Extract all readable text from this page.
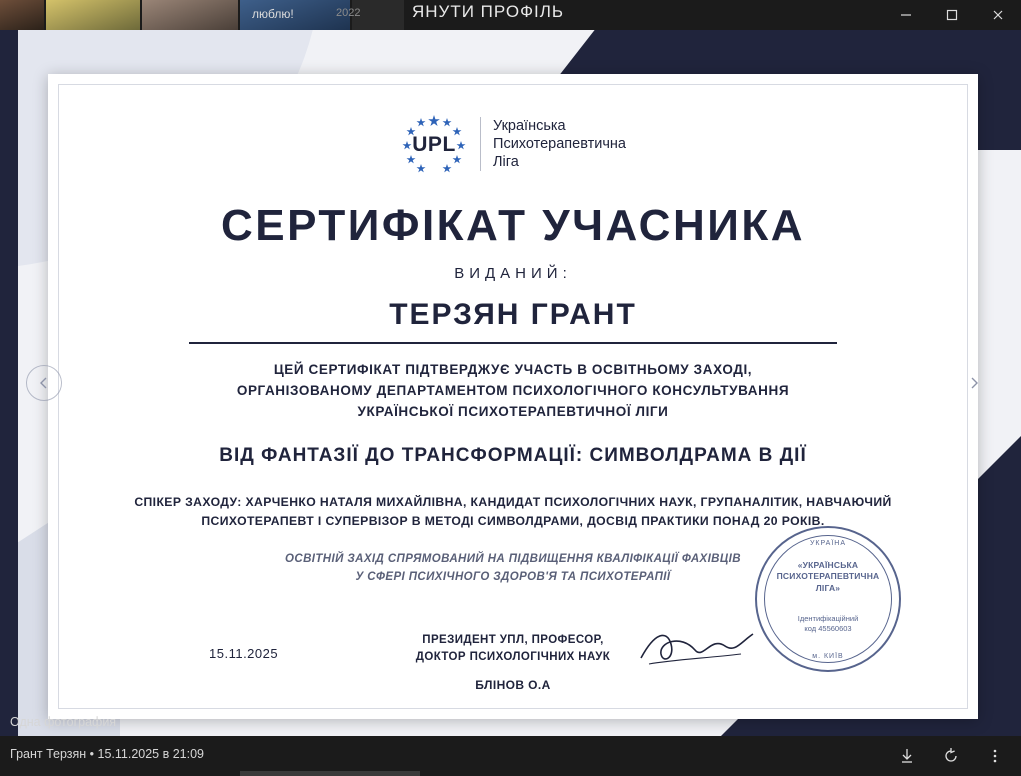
люблю!	2022	ЯНУТИ ПРОФІЛЬ
UPL
Українська
Психотерапевтична
Ліга
СЕРТИФІКАТ УЧАСНИКА
ВИДАНИЙ:
ТЕРЗЯН ГРАНТ
ЦЕЙ СЕРТИФІКАТ ПІДТВЕРДЖУЄ УЧАСТЬ В ОСВІТНЬОМУ ЗАХОДІ,
ОРГАНІЗОВАНОМУ ДЕПАРТАМЕНТОМ ПСИХОЛОГІЧНОГО КОНСУЛЬТУВАННЯ
УКРАЇНСЬКОЇ ПСИХОТЕРАПЕВТИЧНОЇ ЛІГИ
ВІД ФАНТАЗІЇ ДО ТРАНСФОРМАЦІЇ: СИМВОЛДРАМА В ДІЇ
СПІКЕР ЗАХОДУ: ХАРЧЕНКО НАТАЛЯ МИХАЙЛІВНА, КАНДИДАТ ПСИХОЛОГІЧНИХ НАУК, ГРУПАНАЛІТИК, НАВЧАЮЧИЙ
ПСИХОТЕРАПЕВТ І СУПЕРВІЗОР В МЕТОДІ СИМВОЛДРАМИ, ДОСВІД ПРАКТИКИ ПОНАД 20 РОКІВ.
ОСВІТНІЙ ЗАХІД СПРЯМОВАНИЙ НА ПІДВИЩЕННЯ КВАЛІФІКАЦІЇ ФАХІВЦІВ
У СФЕРІ ПСИХІЧНОГО ЗДОРОВ'Я ТА ПСИХОТЕРАПІЇ
15.11.2025
ПРЕЗИДЕНТ УПЛ, ПРОФЕСОР,
ДОКТОР ПСИХОЛОГІЧНИХ НАУК
БЛІНОВ О.А
УКРАЇНА
«УКРАЇНСЬКА
ПСИХОТЕРАПЕВТИЧНА
ЛІГА»
Ідентифікаційний
код 45560603
м. КИЇВ
Одна фотография
Грант Терзян • 15.11.2025 в 21:09
